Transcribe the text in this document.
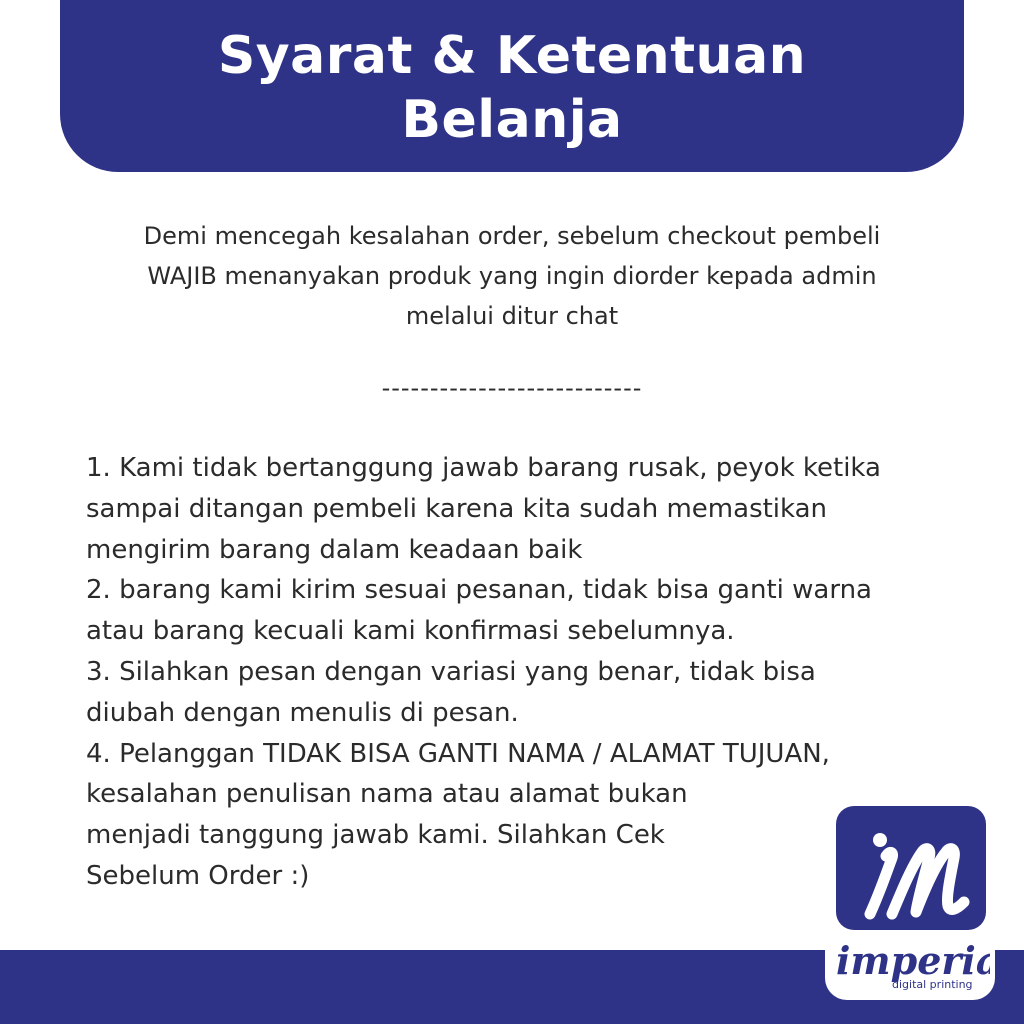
Syarat & Ketentuan
Belanja
Demi mencegah kesalahan order, sebelum checkout pembeli
WAJIB menanyakan produk yang ingin diorder kepada admin
melalui ditur chat
---------------------------
1. Kami tidak bertanggung jawab barang rusak, peyok ketika
sampai ditangan pembeli karena kita sudah memastikan
mengirim barang dalam keadaan baik
2. barang kami kirim sesuai pesanan, tidak bisa ganti warna
atau barang kecuali kami konfirmasi sebelumnya.
3. Silahkan pesan dengan variasi yang benar, tidak bisa
diubah dengan menulis di pesan.
4. Pelanggan TIDAK BISA GANTI NAMA / ALAMAT TUJUAN,
kesalahan penulisan nama atau alamat bukan
menjadi tanggung jawab kami. Silahkan Cek
Sebelum Order :)
imperi
digital printing
